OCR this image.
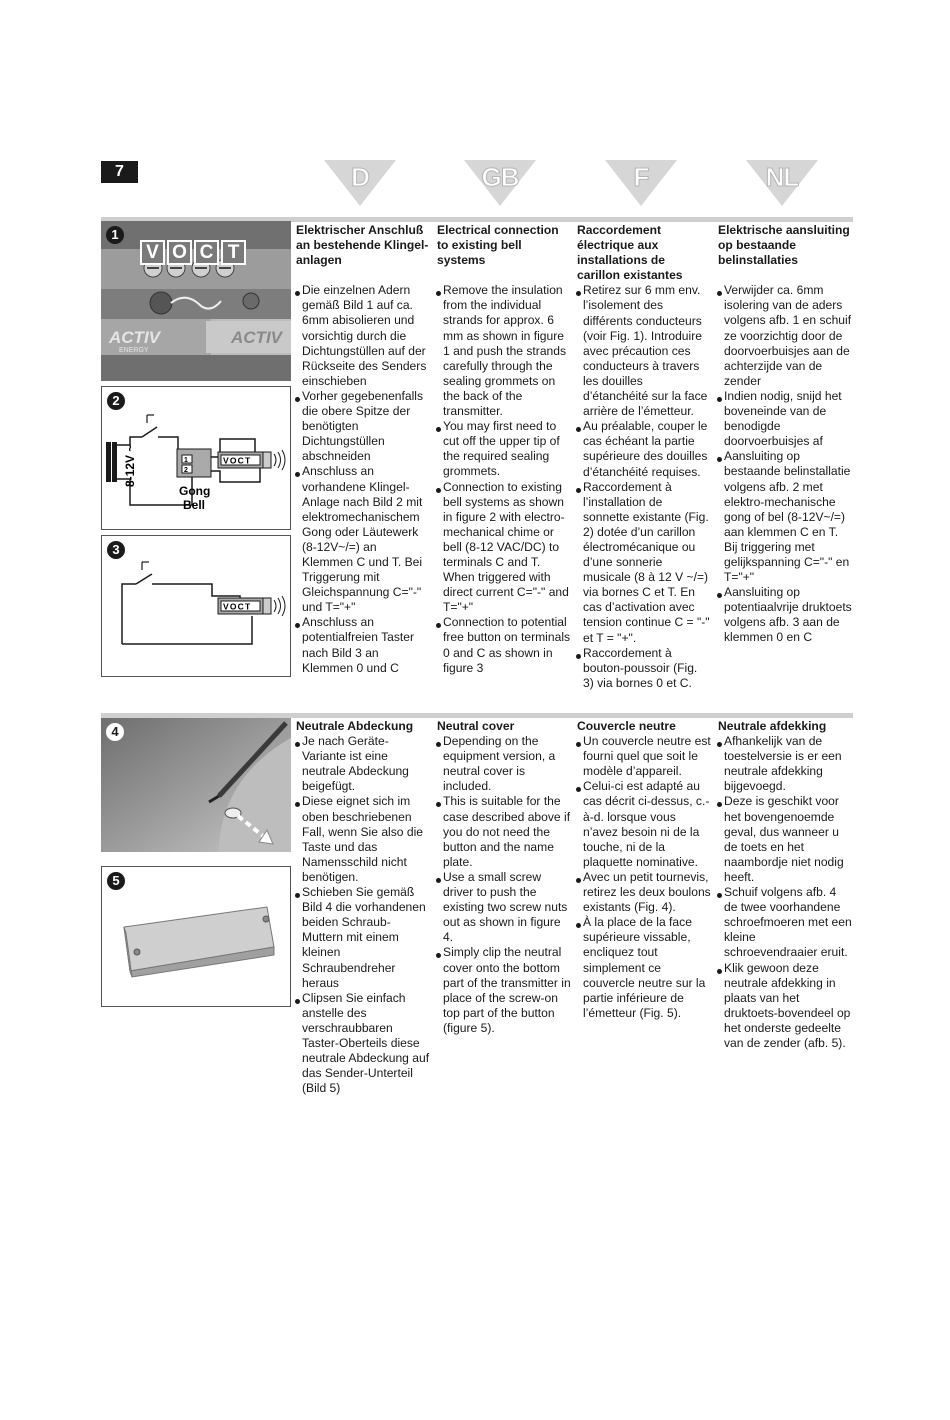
7	D	GB	F	NL
ACTIV
ENERGY
ACTIV
V O C T
1
1
2
VOCT
8-12V ~
Gong
Bell
2
VOCT
3
Elektrischer Anschluß an bestehende Klingel-anlagen
Die einzelnen Adern gemäß Bild 1 auf ca. 6mm abisolieren und vorsichtig durch die Dichtungstüllen auf der Rückseite des Senders einschieben
Vorher gegebenenfalls die obere Spitze der benötigten Dichtungstüllen abschneiden
Anschluss an vorhandene Klingel-Anlage nach Bild 2 mit elektromechanischem Gong oder Läutewerk (8-12V~/=) an Klemmen C und T. Bei Triggerung mit Gleichspannung C="-" und T="+"
Anschluss an potentialfreien Taster nach Bild 3 an Klemmen 0 und C
Electrical connection to existing bell systems
Remove the insulation from the individual strands for approx. 6 mm as shown in figure 1 and push the strands carefully through the sealing grommets on the back of the transmitter.
You may first need to cut off the upper tip of the required sealing grommets.
Connection to existing bell systems as shown in figure 2 with electro-mechanical chime or bell (8-12 VAC/DC) to terminals C and T. When triggered with direct current C="-" and T="+"
Connection to potential free button on terminals 0 and C as shown in figure 3
Raccordement électrique aux installations de carillon existantes
Retirez sur 6 mm env. l’isolement des différents conducteurs (voir Fig. 1). Introduire avec précaution ces conducteurs à travers les douilles d’étanchéité sur la face arrière de l’émetteur.
Au préalable, couper le cas échéant la partie supérieure des douilles d’étanchéité requises.
Raccordement à l’installation de sonnette existante (Fig. 2) dotée d’un carillon électromécanique ou d’une sonnerie musicale (8 à 12 V ~/=) via bornes C et T. En cas d’activation avec tension continue C = "-" et T = "+".
Raccordement à bouton-poussoir (Fig. 3) via bornes 0 et C.
Elektrische aansluiting op bestaande belinstallaties
Verwijder ca. 6mm isolering van de aders volgens afb. 1 en schuif ze voorzichtig door de doorvoerbuisjes aan de achterzijde van de zender
Indien nodig, snijd het boveneinde van de benodigde doorvoerbuisjes af
Aansluiting op bestaande belinstallatie volgens afb. 2 met elektro-mechanische gong of bel (8-12V~/=) aan klemmen C en T. Bij triggering met gelijkspanning C="-" en T="+"
Aansluiting op potentiaalvrije druktoets volgens afb. 3 aan de klemmen 0 en C
4
5
Neutrale Abdeckung
Je nach Geräte-Variante ist eine neutrale Abdeckung beigefügt.
Diese eignet sich im oben beschriebenen Fall, wenn Sie also die Taste und das Namensschild nicht benötigen.
Schieben Sie gemäß Bild 4 die vorhandenen beiden Schraub-Muttern mit einem kleinen Schraubendreher heraus
Clipsen Sie einfach anstelle des verschraubbaren Taster-Oberteils diese neutrale Abdeckung auf das Sender-Unterteil (Bild 5)
Neutral cover
Depending on the equipment version, a neutral cover is included.
This is suitable for the case described above if you do not need the button and the name plate.
Use a small screw driver to push the existing two screw nuts out as shown in figure 4.
Simply clip the neutral cover onto the bottom part of the transmitter in place of the screw-on top part of the button (figure 5).
Couvercle neutre
Un couvercle neutre est fourni quel que soit le modèle d’appareil.
Celui-ci est adapté au cas décrit ci-dessus, c.-à-d. lorsque vous n’avez besoin ni de la touche, ni de la plaquette nominative.
Avec un petit tournevis, retirez les deux boulons existants (Fig. 4).
À la place de la face supérieure vissable, encliquez tout simplement ce couvercle neutre sur la partie inférieure de l’émetteur (Fig. 5).
Neutrale afdekking
Afhankelijk van de toestelversie is er een neutrale afdekking bijgevoegd.
Deze is geschikt voor het bovengenoemde geval, dus wanneer u de toets en het naambordje niet nodig heeft.
Schuif volgens afb. 4 de twee voorhandene schroefmoeren met een kleine schroevendraaier eruit.
Klik gewoon deze neutrale afdekking in plaats van het druktoets-bovendeel op het onderste gedeelte van de zender (afb. 5).
